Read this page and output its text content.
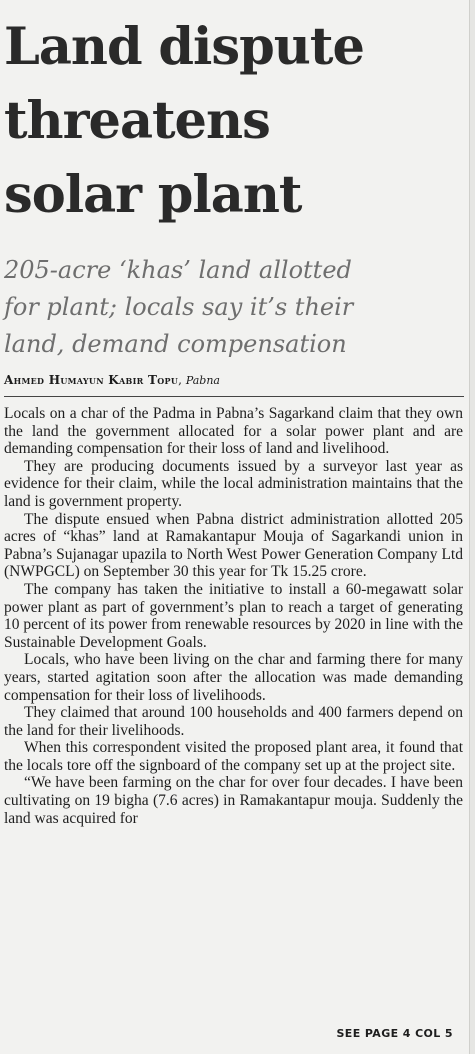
Land dispute
threatens
solar plant
205-acre ‘khas’ land allotted
for plant; locals say it’s their
land, demand compensation
Ahmed Humayun Kabir Topu, Pabna

Locals on a char of the Padma in Pabna’s Sagarkand claim that they own the land the government allocated for a solar power plant and are demanding compensation for their loss of land and livelihood.

They are producing documents issued by a surveyor last year as evidence for their claim, while the local administration maintains that the land is government property.

The dispute ensued when Pabna district administration allotted 205 acres of “khas” land at Ramakantapur Mouja of Sagarkandi union in Pabna’s Sujanagar upazila to North West Power Generation Company Ltd (NWPGCL) on September 30 this year for Tk 15.25 crore.

The company has taken the initiative to install a 60-megawatt solar power plant as part of government’s plan to reach a target of generating 10 percent of its power from renewable resources by 2020 in line with the Sustainable Development Goals.

Locals, who have been living on the char and farming there for many years, started agitation soon after the allocation was made demanding compensation for their loss of livelihoods.

They claimed that around 100 households and 400 farmers depend on the land for their livelihoods.

When this correspondent visited the proposed plant area, it found that the locals tore off the signboard of the company set up at the project site.

“We have been farming on the char for over four decades. I have been cultivating on 19 bigha (7.6 acres) in Ramakantapur mouja. Suddenly the land was acquired for

SEE PAGE 4 COL 5
